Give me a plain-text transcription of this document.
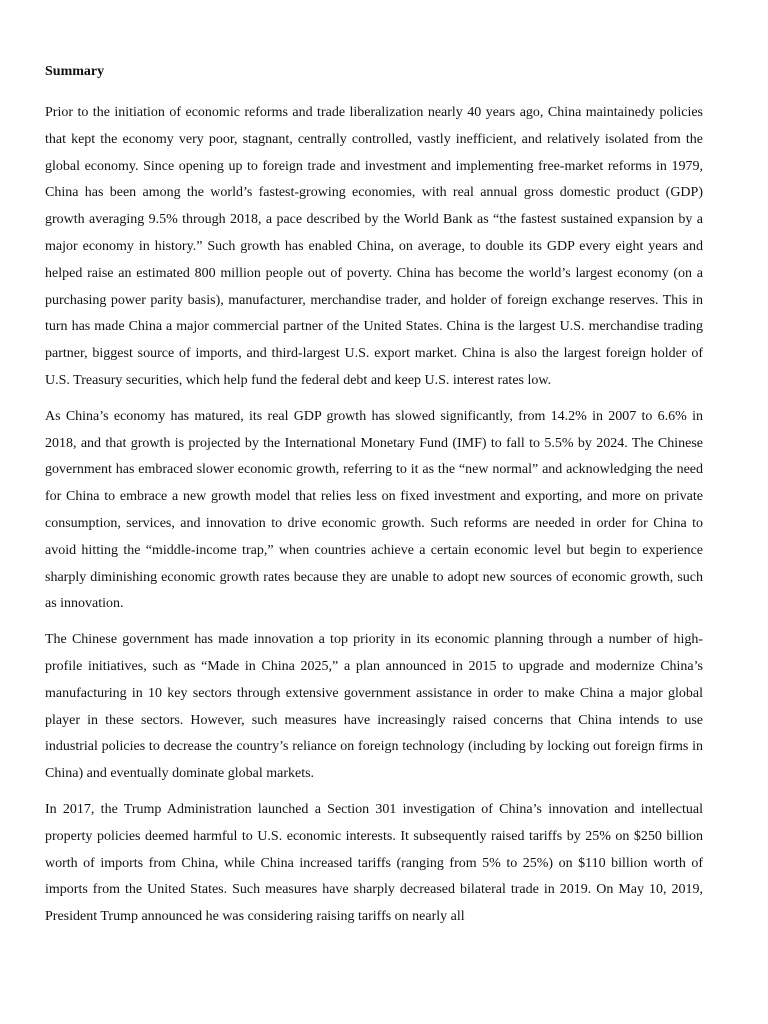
Summary

Prior to the initiation of economic reforms and trade liberalization nearly 40 years ago, China maintainedy policies that kept the economy very poor, stagnant, centrally controlled, vastly inefficient, and relatively isolated from the global economy. Since opening up to foreign trade and investment and implementing free-market reforms in 1979, China has been among the world’s fastest-growing economies, with real annual gross domestic product (GDP) growth averaging 9.5% through 2018, a pace described by the World Bank as “the fastest sustained expansion by a major economy in history.” Such growth has enabled China, on average, to double its GDP every eight years and helped raise an estimated 800 million people out of poverty. China has become the world’s largest economy (on a purchasing power parity basis), manufacturer, merchandise trader, and holder of foreign exchange reserves. This in turn has made China a major commercial partner of the United States. China is the largest U.S. merchandise trading partner, biggest source of imports, and third-largest U.S. export market. China is also the largest foreign holder of U.S. Treasury securities, which help fund the federal debt and keep U.S. interest rates low.

As China’s economy has matured, its real GDP growth has slowed significantly, from 14.2% in 2007 to 6.6% in 2018, and that growth is projected by the International Monetary Fund (IMF) to fall to 5.5% by 2024. The Chinese government has embraced slower economic growth, referring to it as the “new normal” and acknowledging the need for China to embrace a new growth model that relies less on fixed investment and exporting, and more on private consumption, services, and innovation to drive economic growth. Such reforms are needed in order for China to avoid hitting the “middle-income trap,” when countries achieve a certain economic level but begin to experience sharply diminishing economic growth rates because they are unable to adopt new sources of economic growth, such as innovation.

The Chinese government has made innovation a top priority in its economic planning through a number of high-profile initiatives, such as “Made in China 2025,” a plan announced in 2015 to upgrade and modernize China’s manufacturing in 10 key sectors through extensive government assistance in order to make China a major global player in these sectors. However, such measures have increasingly raised concerns that China intends to use industrial policies to decrease the country’s reliance on foreign technology (including by locking out foreign firms in China) and eventually dominate global markets.

In 2017, the Trump Administration launched a Section 301 investigation of China’s innovation and intellectual property policies deemed harmful to U.S. economic interests. It subsequently raised tariffs by 25% on $250 billion worth of imports from China, while China increased tariffs (ranging from 5% to 25%) on $110 billion worth of imports from the United States. Such measures have sharply decreased bilateral trade in 2019. On May 10, 2019, President Trump announced he was considering raising tariffs on nearly all
